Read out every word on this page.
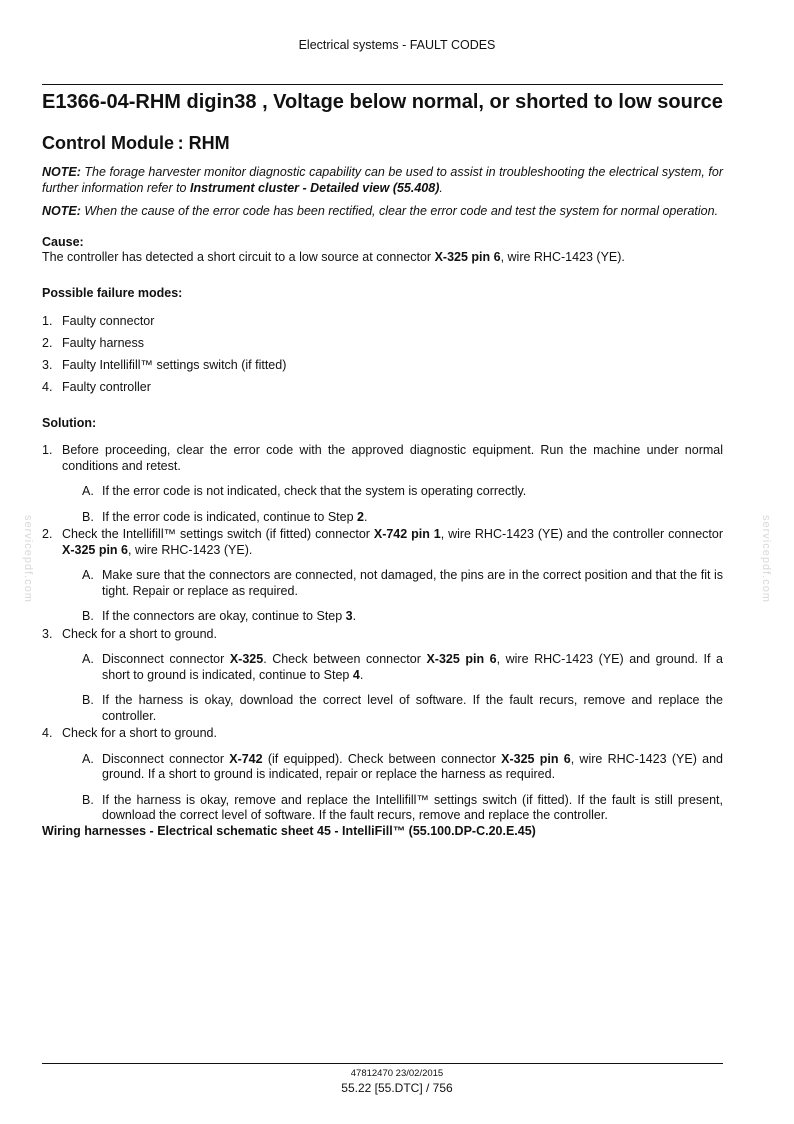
Electrical systems - FAULT CODES
servicepdf.com	servicepdf.com
E1366-04-RHM digin38 , Voltage below normal, or shorted to low source
Control Module : RHM

NOTE: The forage harvester monitor diagnostic capability can be used to assist in troubleshooting the electrical system, for further information refer to Instrument cluster - Detailed view (55.408).

NOTE: When the cause of the error code has been rectified, clear the error code and test the system for normal operation.

Cause:

The controller has detected a short circuit to a low source at connector X-325 pin 6, wire RHC-1423 (YE).

Possible failure modes:

1. Faulty connector
2. Faulty harness
3. Faulty Intellifill™ settings switch (if fitted)
4. Faulty controller

Solution:

1. Before proceeding, clear the error code with the approved diagnostic equipment. Run the machine under normal conditions and retest.
A. If the error code is not indicated, check that the system is operating correctly.
B. If the error code is indicated, continue to Step 2.
2. Check the Intellifill™ settings switch (if fitted) connector X-742 pin 1, wire RHC-1423 (YE) and the controller connector X-325 pin 6, wire RHC-1423 (YE).
A. Make sure that the connectors are connected, not damaged, the pins are in the correct position and that the fit is tight. Repair or replace as required.
B. If the connectors are okay, continue to Step 3.
3. Check for a short to ground.
A. Disconnect connector X-325. Check between connector X-325 pin 6, wire RHC-1423 (YE) and ground. If a short to ground is indicated, continue to Step 4.
B. If the harness is okay, download the correct level of software. If the fault recurs, remove and replace the controller.
4. Check for a short to ground.
A. Disconnect connector X-742 (if equipped). Check between connector X-325 pin 6, wire RHC-1423 (YE) and ground. If a short to ground is indicated, repair or replace the harness as required.
B. If the harness is okay, remove and replace the Intellifill™ settings switch (if fitted). If the fault is still present, download the correct level of software. If the fault recurs, remove and replace the controller.

Wiring harnesses - Electrical schematic sheet 45 - IntelliFill™ (55.100.DP-C.20.E.45)

47812470 23/02/2015
55.22 [55.DTC] / 756
